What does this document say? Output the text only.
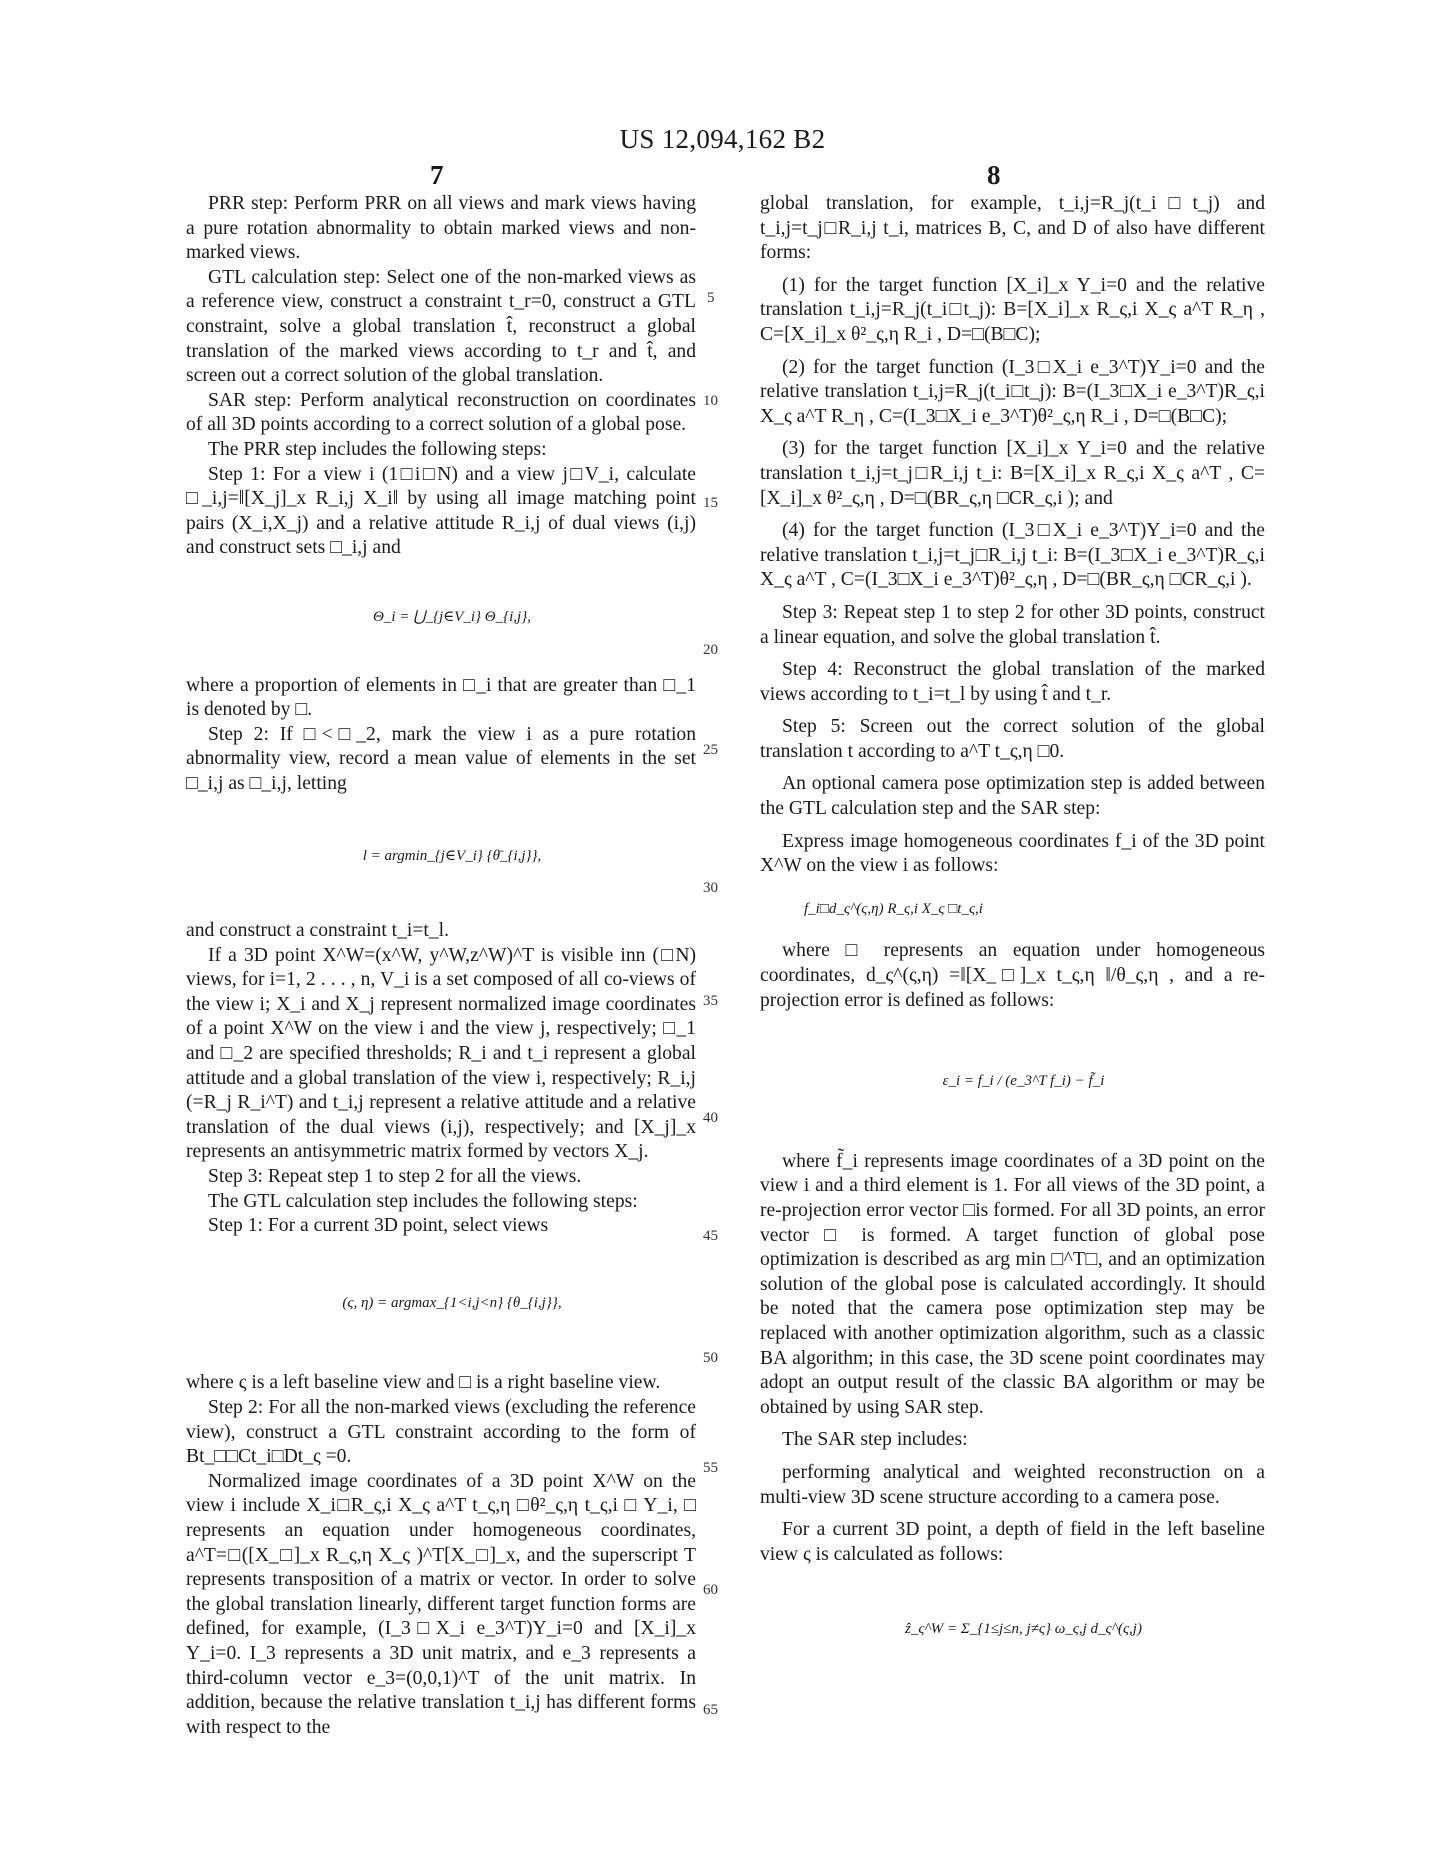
US 12,094,162 B2
7	8
5
10
15
20
25
30
35
40
45
50
55
60
65

PRR step: Perform PRR on all views and mark views having a pure rotation abnormality to obtain marked views and non-marked views.

GTL calculation step: Select one of the non-marked views as a reference view, construct a constraint t_r=0, construct a GTL constraint, solve a global translation t̂, reconstruct a global translation of the marked views according to t_r and t̂, and screen out a correct solution of the global translation.

SAR step: Perform analytical reconstruction on coordinates of all 3D points according to a correct solution of a global pose.

The PRR step includes the following steps:

Step 1: For a view i (1□i□N) and a view j□V_i, calculate □_i,j=‖[X_j]_x R_i,j X_i‖ by using all image matching point pairs (X_i,X_j) and a relative attitude R_i,j of dual views (i,j) and construct sets □_i,j and

Θ_i = ⋃_{j∈V_i} Θ_{i,j},

where a proportion of elements in □_i that are greater than □_1 is denoted by □.

Step 2: If □<□_2, mark the view i as a pure rotation abnormality view, record a mean value of elements in the set □_i,j as □_i,j, letting

l = argmin_{j∈V_i} {θ̄_{i,j}},

and construct a constraint t_i=t_l.

If a 3D point X^W=(x^W, y^W,z^W)^T is visible inn (□N) views, for i=1, 2 . . . , n, V_i is a set composed of all co-views of the view i; X_i and X_j represent normalized image coordinates of a point X^W on the view i and the view j, respectively; □_1 and □_2 are specified thresholds; R_i and t_i represent a global attitude and a global translation of the view i, respectively; R_i,j (=R_j R_i^T) and t_i,j represent a relative attitude and a relative translation of the dual views (i,j), respectively; and [X_j]_x represents an antisymmetric matrix formed by vectors X_j.

Step 3: Repeat step 1 to step 2 for all the views.

The GTL calculation step includes the following steps:

Step 1: For a current 3D point, select views

(ς, η) = argmax_{1<i,j<n} {θ_{i,j}},

where ς is a left baseline view and □ is a right baseline view.

Step 2: For all the non-marked views (excluding the reference view), construct a GTL constraint according to the form of Bt_□□Ct_i□Dt_ς =0.

Normalized image coordinates of a 3D point X^W on the view i include X_i□R_ς,i X_ς a^T t_ς,η □θ²_ς,η t_ς,i □ Y_i, □ represents an equation under homogeneous coordinates, a^T=□([X_□]_x R_ς,η X_ς )^T[X_□]_x, and the superscript T represents transposition of a matrix or vector. In order to solve the global translation linearly, different target function forms are defined, for example, (I_3□X_i e_3^T)Y_i=0 and [X_i]_x Y_i=0. I_3 represents a 3D unit matrix, and e_3 represents a third-column vector e_3=(0,0,1)^T of the unit matrix. In addition, because the relative translation t_i,j has different forms with respect to the

global translation, for example, t_i,j=R_j(t_i□t_j) and t_i,j=t_j□R_i,j t_i, matrices B, C, and D of also have different forms:

(1) for the target function [X_i]_x Y_i=0 and the relative translation t_i,j=R_j(t_i□t_j): B=[X_i]_x R_ς,i X_ς a^T R_η , C=[X_i]_x θ²_ς,η R_i , D=□(B□C);

(2) for the target function (I_3□X_i e_3^T)Y_i=0 and the relative translation t_i,j=R_j(t_i□t_j): B=(I_3□X_i e_3^T)R_ς,i X_ς a^T R_η , C=(I_3□X_i e_3^T)θ²_ς,η R_i , D=□(B□C);

(3) for the target function [X_i]_x Y_i=0 and the relative translation t_i,j=t_j□R_i,j t_i: B=[X_i]_x R_ς,i X_ς a^T , C=[X_i]_x θ²_ς,η , D=□(BR_ς,η □CR_ς,i ); and

(4) for the target function (I_3□X_i e_3^T)Y_i=0 and the relative translation t_i,j=t_j□R_i,j t_i: B=(I_3□X_i e_3^T)R_ς,i X_ς a^T , C=(I_3□X_i e_3^T)θ²_ς,η , D=□(BR_ς,η □CR_ς,i ).

Step 3: Repeat step 1 to step 2 for other 3D points, construct a linear equation, and solve the global translation t̂.

Step 4: Reconstruct the global translation of the marked views according to t_i=t_l by using t̂ and t_r.

Step 5: Screen out the correct solution of the global translation t according to a^T t_ς,η □0.

An optional camera pose optimization step is added between the GTL calculation step and the SAR step:

Express image homogeneous coordinates f_i of the 3D point X^W on the view i as follows:

f_i□d_ς^(ς,η) R_ς,i X_ς □t_ς,i

where □ represents an equation under homogeneous coordinates, d_ς^(ς,η) =‖[X_□]_x t_ς,η ‖/θ_ς,η , and a re-projection error is defined as follows:

ε_i = f_i / (e_3^T f_i) − f̃_i

where f̃_i represents image coordinates of a 3D point on the view i and a third element is 1. For all views of the 3D point, a re-projection error vector □is formed. For all 3D points, an error vector □ is formed. A target function of global pose optimization is described as arg min □^T□, and an optimization solution of the global pose is calculated accordingly. It should be noted that the camera pose optimization step may be replaced with another optimization algorithm, such as a classic BA algorithm; in this case, the 3D scene point coordinates may adopt an output result of the classic BA algorithm or may be obtained by using SAR step.

The SAR step includes:

performing analytical and weighted reconstruction on a multi-view 3D scene structure according to a camera pose.

For a current 3D point, a depth of field in the left baseline view ς is calculated as follows:

ẑ_ς^W = Σ_{1≤j≤n, j≠ς} ω_ς,j d_ς^(ς,j)
